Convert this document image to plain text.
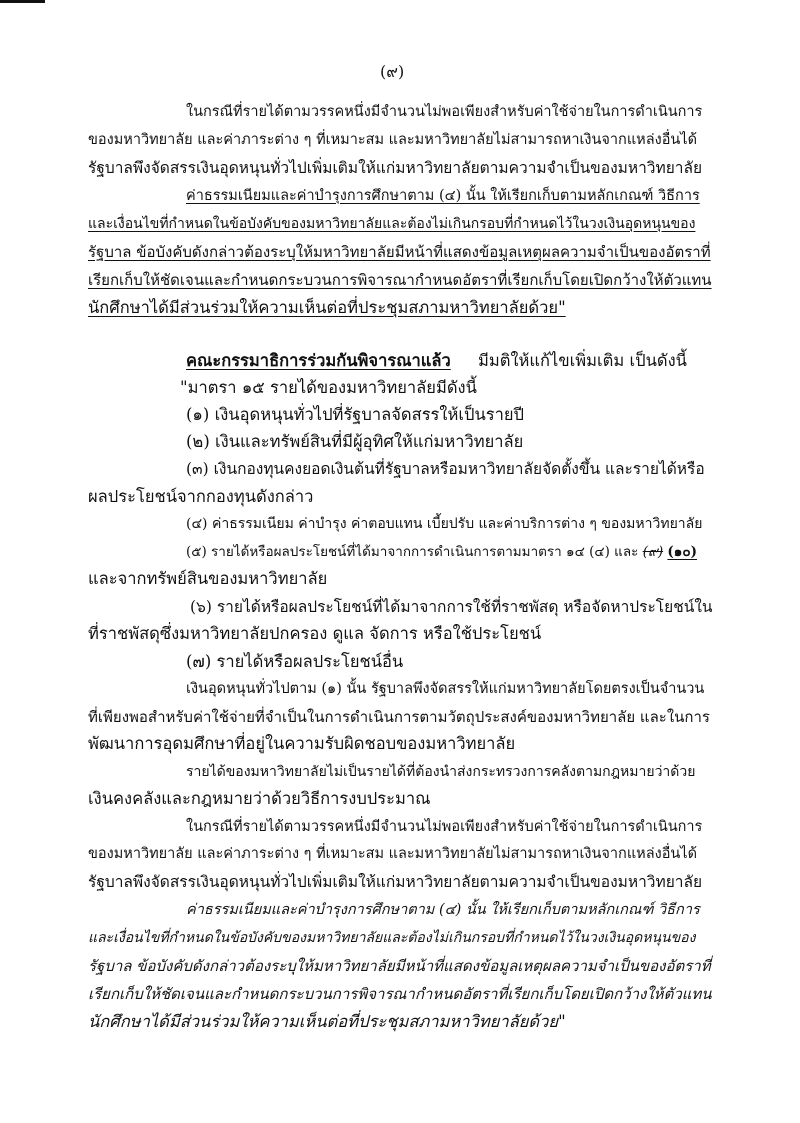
(๙)
ในกรณีที่รายได้ตามวรรคหนึ่งมีจำนวนไม่พอเพียงสำหรับค่าใช้จ่ายในการดำเนินการ
ของมหาวิทยาลัย และค่าภาระต่าง ๆ ที่เหมาะสม และมหาวิทยาลัยไม่สามารถหาเงินจากแหล่งอื่นได้
รัฐบาลพึงจัดสรรเงินอุดหนุนทั่วไปเพิ่มเติมให้แก่มหาวิทยาลัยตามความจำเป็นของมหาวิทยาลัย
ค่าธรรมเนียมและค่าบำรุงการศึกษาตาม (๔) นั้น ให้เรียกเก็บตามหลักเกณฑ์ วิธีการ
และเงื่อนไขที่กำหนดในข้อบังคับของมหาวิทยาลัยและต้องไม่เกินกรอบที่กำหนดไว้ในวงเงินอุดหนุนของ
รัฐบาล ข้อบังคับดังกล่าวต้องระบุให้มหาวิทยาลัยมีหน้าที่แสดงข้อมูลเหตุผลความจำเป็นของอัตราที่
เรียกเก็บให้ชัดเจนและกำหนดกระบวนการพิจารณากำหนดอัตราที่เรียกเก็บโดยเปิดกว้างให้ตัวแทน
นักศึกษาได้มีส่วนร่วมให้ความเห็นต่อที่ประชุมสภามหาวิทยาลัยด้วย"
คณะกรรมาธิการร่วมกันพิจารณาแล้ว มีมติให้แก้ไขเพิ่มเติม เป็นดังนี้
"มาตรา ๑๕ รายได้ของมหาวิทยาลัยมีดังนี้
(๑) เงินอุดหนุนทั่วไปที่รัฐบาลจัดสรรให้เป็นรายปี
(๒) เงินและทรัพย์สินที่มีผู้อุทิศให้แก่มหาวิทยาลัย
(๓) เงินกองทุนคงยอดเงินต้นที่รัฐบาลหรือมหาวิทยาลัยจัดตั้งขึ้น และรายได้หรือ
ผลประโยชน์จากกองทุนดังกล่าว
(๔) ค่าธรรมเนียม ค่าบำรุง ค่าตอบแทน เบี้ยปรับ และค่าบริการต่าง ๆ ของมหาวิทยาลัย
(๕) รายได้หรือผลประโยชน์ที่ได้มาจากการดำเนินการตามมาตรา ๑๔ (๔) และ (๙) (๑๐)
และจากทรัพย์สินของมหาวิทยาลัย
(๖) รายได้หรือผลประโยชน์ที่ได้มาจากการใช้ที่ราชพัสดุ หรือจัดหาประโยชน์ใน
ที่ราชพัสดุซึ่งมหาวิทยาลัยปกครอง ดูแล จัดการ หรือใช้ประโยชน์
(๗) รายได้หรือผลประโยชน์อื่น
เงินอุดหนุนทั่วไปตาม (๑) นั้น รัฐบาลพึงจัดสรรให้แก่มหาวิทยาลัยโดยตรงเป็นจำนวน
ที่เพียงพอสำหรับค่าใช้จ่ายที่จำเป็นในการดำเนินการตามวัตถุประสงค์ของมหาวิทยาลัย และในการ
พัฒนาการอุดมศึกษาที่อยู่ในความรับผิดชอบของมหาวิทยาลัย
รายได้ของมหาวิทยาลัยไม่เป็นรายได้ที่ต้องนำส่งกระทรวงการคลังตามกฎหมายว่าด้วย
เงินคงคลังและกฎหมายว่าด้วยวิธีการงบประมาณ
ในกรณีที่รายได้ตามวรรคหนึ่งมีจำนวนไม่พอเพียงสำหรับค่าใช้จ่ายในการดำเนินการ
ของมหาวิทยาลัย และค่าภาระต่าง ๆ ที่เหมาะสม และมหาวิทยาลัยไม่สามารถหาเงินจากแหล่งอื่นได้
รัฐบาลพึงจัดสรรเงินอุดหนุนทั่วไปเพิ่มเติมให้แก่มหาวิทยาลัยตามความจำเป็นของมหาวิทยาลัย
ค่าธรรมเนียมและค่าบำรุงการศึกษาตาม (๔) นั้น ให้เรียกเก็บตามหลักเกณฑ์ วิธีการ
และเงื่อนไขที่กำหนดในข้อบังคับของมหาวิทยาลัยและต้องไม่เกินกรอบที่กำหนดไว้ในวงเงินอุดหนุนของ
รัฐบาล ข้อบังคับดังกล่าวต้องระบุให้มหาวิทยาลัยมีหน้าที่แสดงข้อมูลเหตุผลความจำเป็นของอัตราที่
เรียกเก็บให้ชัดเจนและกำหนดกระบวนการพิจารณากำหนดอัตราที่เรียกเก็บโดยเปิดกว้างให้ตัวแทน
นักศึกษาได้มีส่วนร่วมให้ความเห็นต่อที่ประชุมสภามหาวิทยาลัยด้วย"
